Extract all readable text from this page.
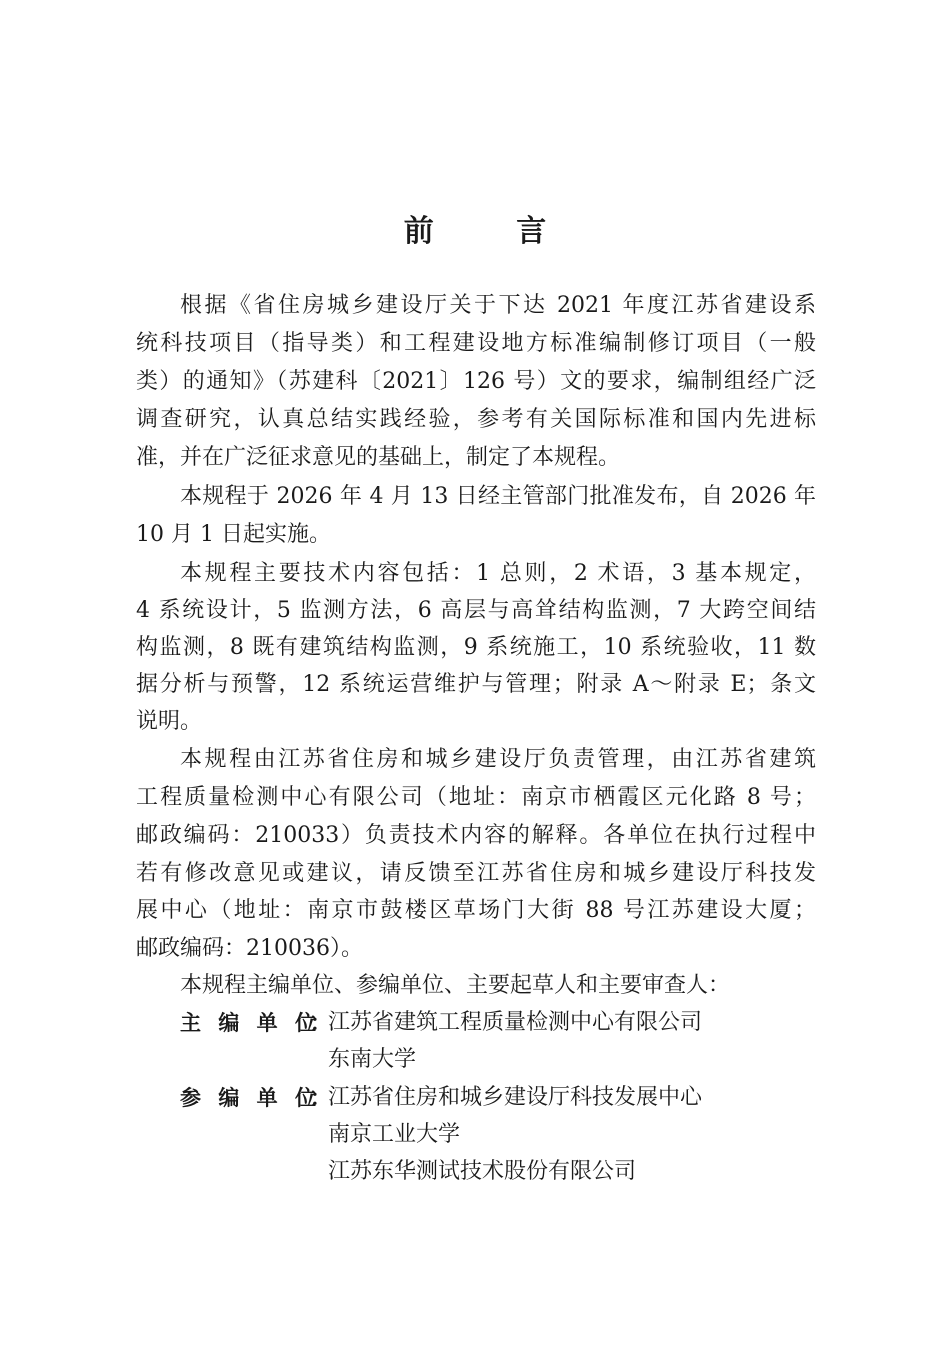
前 言
根据《省住房城乡建设厅关于下达 2021 年度江苏省建设系
统科技项目（指导类）和工程建设地方标准编制修订项目（一般
类）的通知》（苏建科〔2021〕126 号）文的要求，编制组经广泛
调查研究，认真总结实践经验，参考有关国际标准和国内先进标
准，并在广泛征求意见的基础上，制定了本规程。
本规程于 2026 年 4 月 13 日经主管部门批准发布，自 2026 年
10 月 1 日起实施。
本规程主要技术内容包括：1 总则，2 术语，3 基本规定，
4 系统设计，5 监测方法，6 高层与高耸结构监测，7 大跨空间结
构监测，8 既有建筑结构监测，9 系统施工，10 系统验收，11 数
据分析与预警，12 系统运营维护与管理；附录 A～附录 E；条文
说明。
本规程由江苏省住房和城乡建设厅负责管理，由江苏省建筑
工程质量检测中心有限公司（地址：南京市栖霞区元化路 8 号；
邮政编码：210033）负责技术内容的解释。各单位在执行过程中
若有修改意见或建议，请反馈至江苏省住房和城乡建设厅科技发
展中心（地址：南京市鼓楼区草场门大街 88 号江苏建设大厦；
邮政编码：210036）。
本规程主编单位、参编单位、主要起草人和主要审查人：
主编单位
：
江苏省建筑工程质量检测中心有限公司
东南大学
参编单位
：
江苏省住房和城乡建设厅科技发展中心
南京工业大学
江苏东华测试技术股份有限公司
